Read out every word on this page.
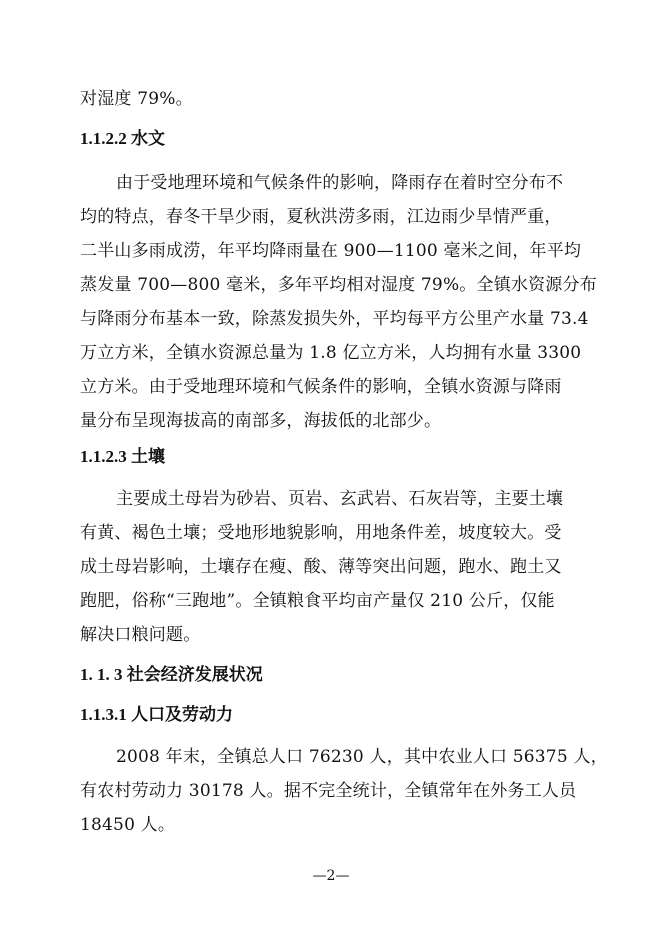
对湿度 79%。
1.1.2.2 水文
由于受地理环境和气候条件的影响，降雨存在着时空分布不
均的特点，春冬干旱少雨，夏秋洪涝多雨，江边雨少旱情严重，
二半山多雨成涝，年平均降雨量在 900—1100 毫米之间，年平均
蒸发量 700—800 毫米，多年平均相对湿度 79%。全镇水资源分布
与降雨分布基本一致，除蒸发损失外，平均每平方公里产水量 73.4
万立方米，全镇水资源总量为 1.8 亿立方米，人均拥有水量 3300
立方米。由于受地理环境和气候条件的影响，全镇水资源与降雨
量分布呈现海拔高的南部多，海拔低的北部少。
1.1.2.3 土壤
主要成土母岩为砂岩、页岩、玄武岩、石灰岩等，主要土壤
有黄、褐色土壤；受地形地貌影响，用地条件差，坡度较大。受
成土母岩影响，土壤存在瘦、酸、薄等突出问题，跑水、跑土又
跑肥，俗称“三跑地”。全镇粮食平均亩产量仅 210 公斤，仅能
解决口粮问题。
1. 1. 3 社会经济发展状况
1.1.3.1 人口及劳动力
2008 年末，全镇总人口 76230 人，其中农业人口 56375 人，
有农村劳动力 30178 人。据不完全统计，全镇常年在外务工人员
18450 人。
—2—
